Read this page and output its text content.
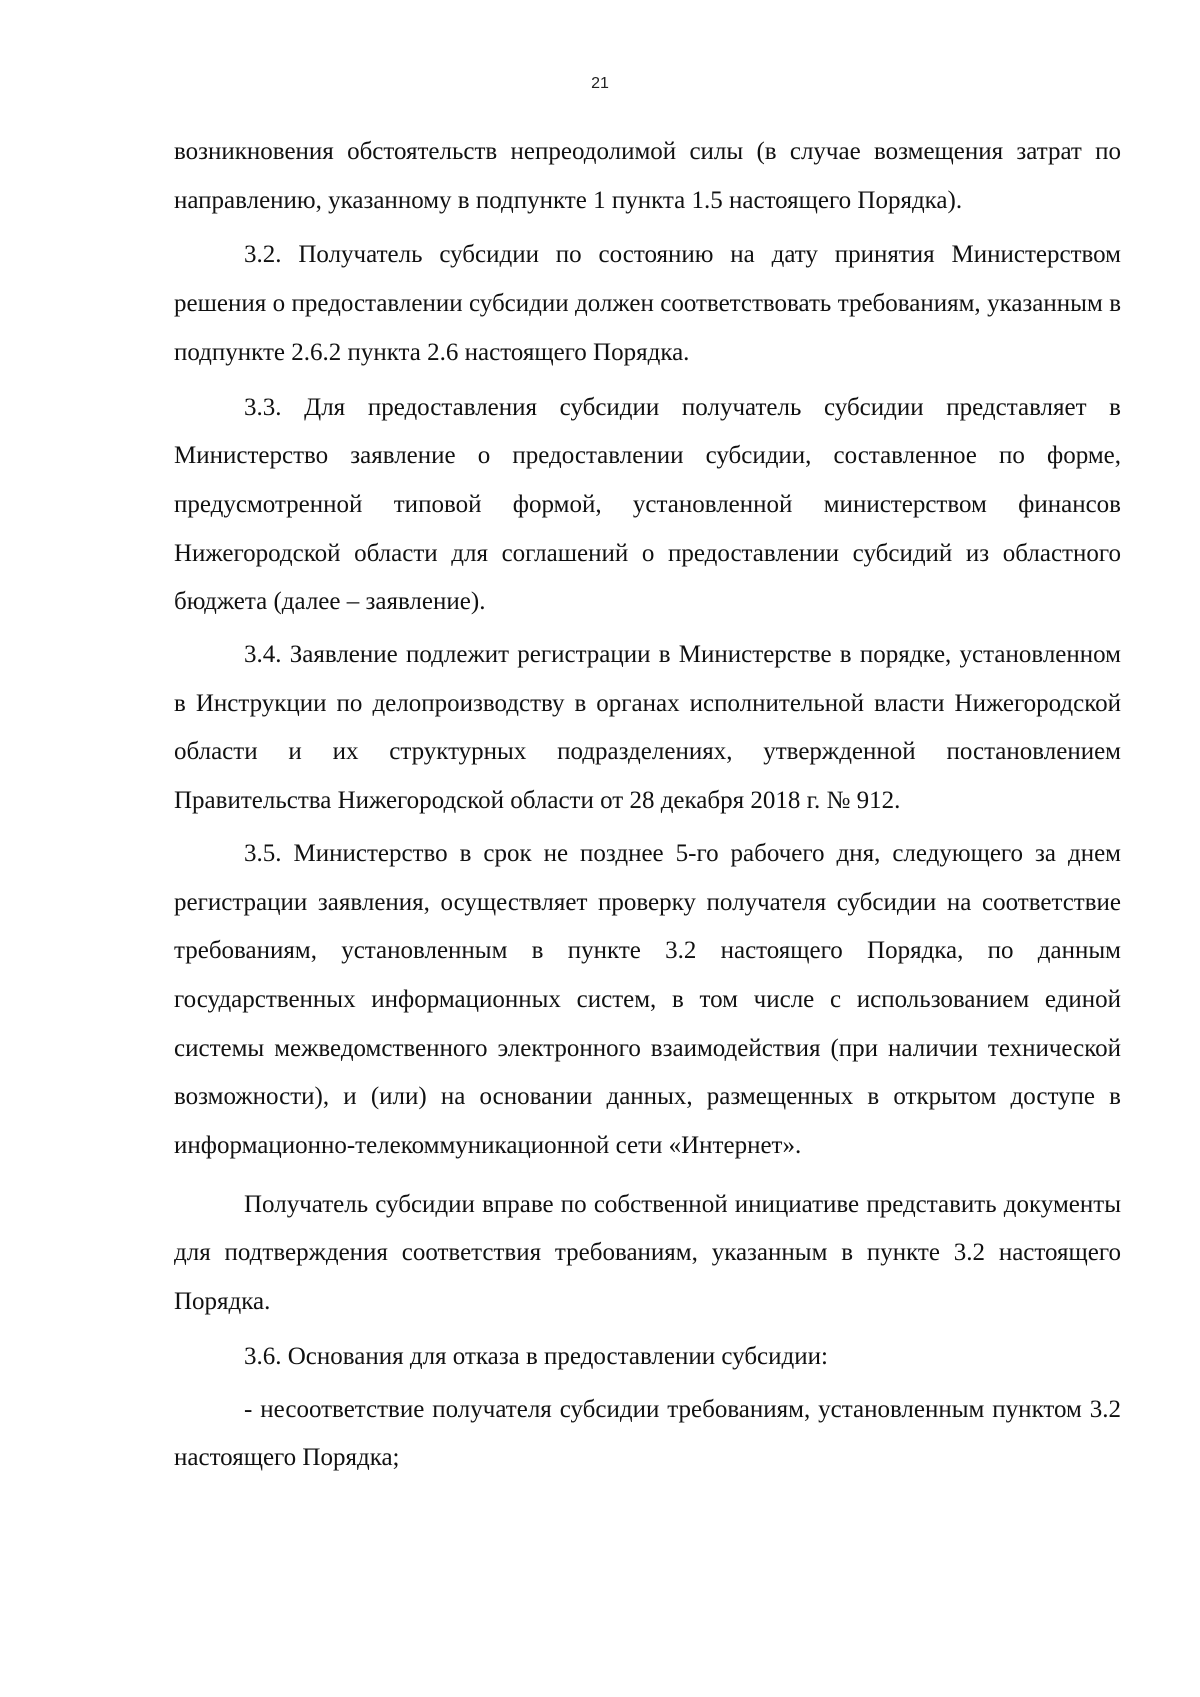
21

возникновения обстоятельств непреодолимой силы (в случае возмещения затрат по направлению, указанному в подпункте 1 пункта 1.5 настоящего Порядка).

3.2. Получатель субсидии по состоянию на дату принятия Министерством решения о предоставлении субсидии должен соответствовать требованиям, указанным в подпункте 2.6.2 пункта 2.6 настоящего Порядка.

3.3. Для предоставления субсидии получатель субсидии представляет в Министерство заявление о предоставлении субсидии, составленное по форме, предусмотренной типовой формой, установленной министерством финансов Нижегородской области для соглашений о предоставлении субсидий из областного бюджета (далее – заявление).

3.4. Заявление подлежит регистрации в Министерстве в порядке, установленном в Инструкции по делопроизводству в органах исполнительной власти Нижегородской области и их структурных подразделениях, утвержденной постановлением Правительства Нижегородской области от 28 декабря 2018 г. № 912.

3.5. Министерство в срок не позднее 5-го рабочего дня, следующего за днем регистрации заявления, осуществляет проверку получателя субсидии на соответствие требованиям, установленным в пункте 3.2 настоящего Порядка, по данным государственных информационных систем, в том числе с использованием единой системы межведомственного электронного взаимодействия (при наличии технической возможности), и (или) на основании данных, размещенных в открытом доступе в информационно-телекоммуникационной сети «Интернет».

Получатель субсидии вправе по собственной инициативе представить документы для подтверждения соответствия требованиям, указанным в пункте 3.2 настоящего Порядка.

3.6. Основания для отказа в предоставлении субсидии:

- несоответствие получателя субсидии требованиям, установленным пунктом 3.2 настоящего Порядка;
